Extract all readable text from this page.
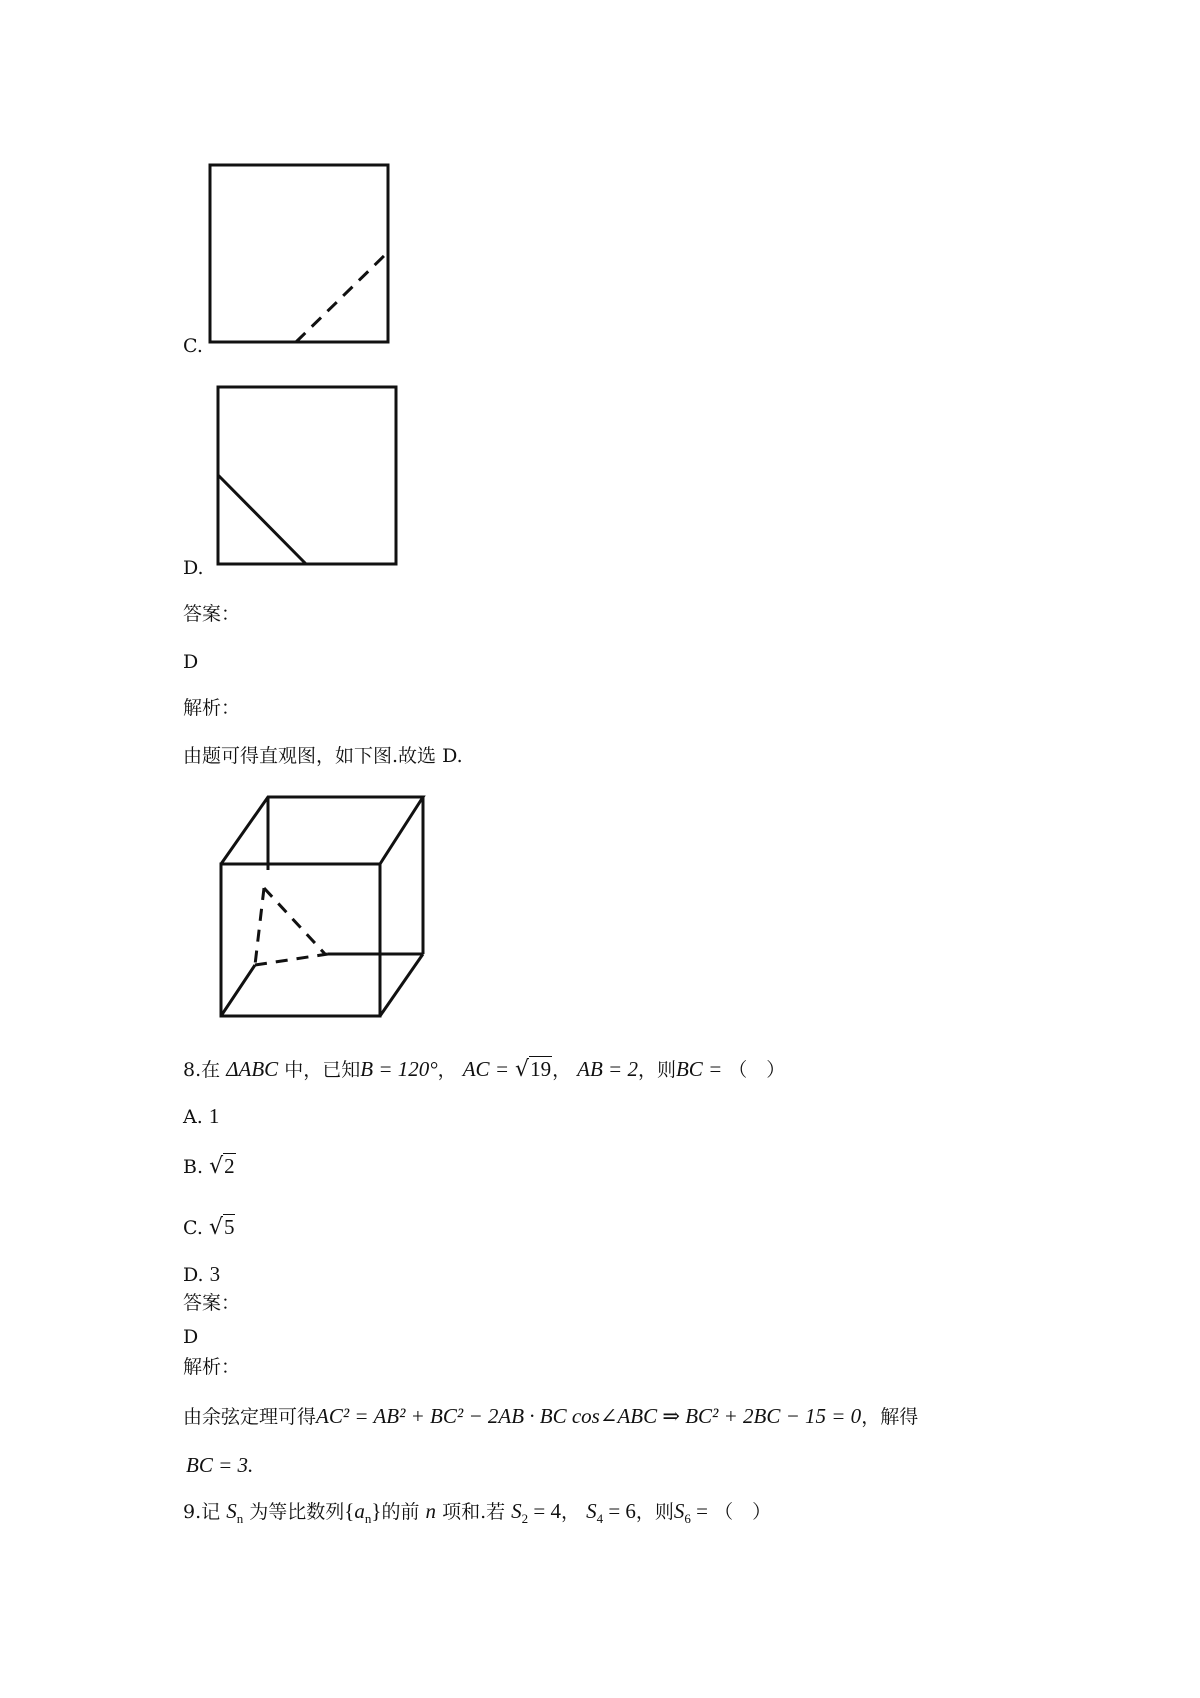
C.
D.
答案：
D
解析：
由题可得直观图，如下图.故选 D.
8.在 ΔABC 中，已知B = 120°， AC = √19， AB = 2，则BC = （　）
A. 1
B. √2
C. √5
D. 3
答案：
D
解析：
由余弦定理可得AC² = AB² + BC² − 2AB · BC cos∠ABC ⇒ BC² + 2BC − 15 = 0，解得
BC = 3.
9.记 $S_n$ 为等比数列$\{a_n\}$的前 n 项和.若 $S_2 = 4$， $S_4 = 6$，则$S_6$ = （　）
